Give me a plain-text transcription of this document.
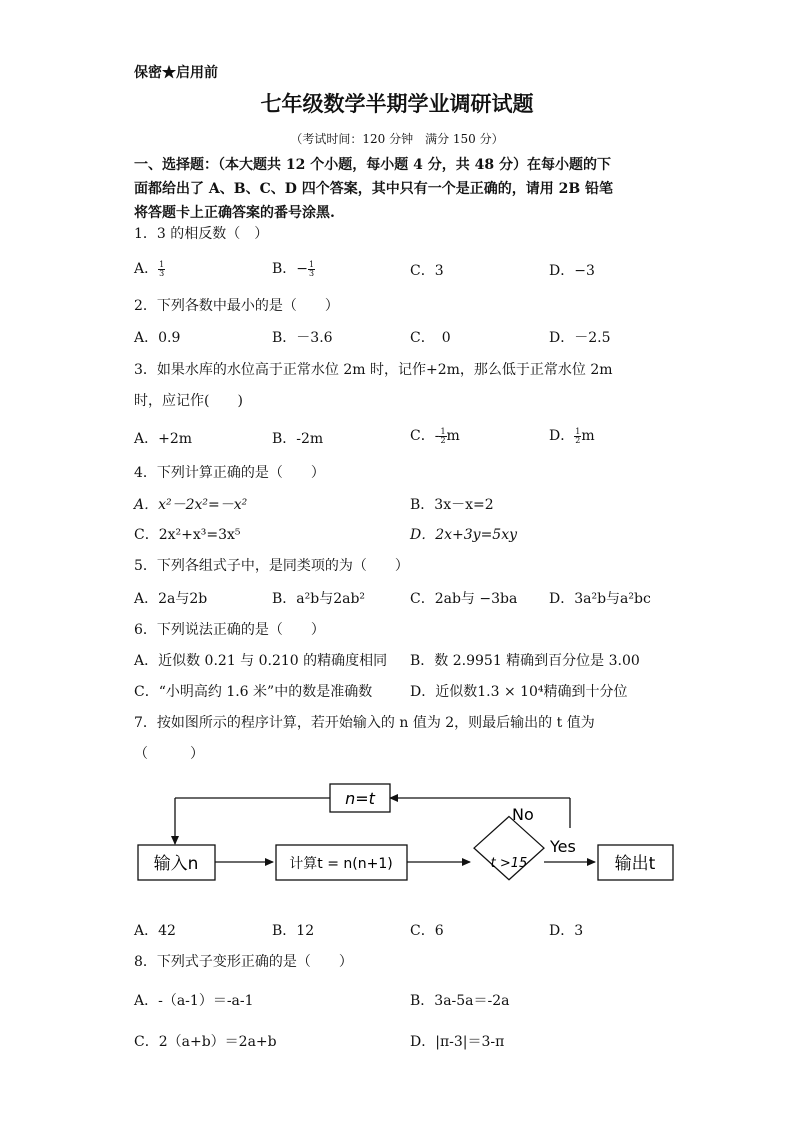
保密★启用前
七年级数学半期学业调研试题
（考试时间：120 分钟　满分 150 分）
一、选择题：（本大题共 12 个小题，每小题 4 分，共 48 分）在每小题的下
面都给出了 A、B、C、D 四个答案，其中只有一个是正确的，请用 2B 铅笔
将答题卡上正确答案的番号涂黑.
1．3 的相反数（　）
A． $\frac{1}{3}$	B．− $\frac{1}{3}$	C．3	D．−3
2．下列各数中最小的是（　　）
A．0.9	B．－3.6	C．　0	D．－2.5
3．如果水库的水位高于正常水位 2m 时，记作+2m，那么低于正常水位 2m
时，应记作(　　)
A．+2m	B．-2m	C．- $\frac{1}{2}$ m	D． $\frac{1}{2}$ m
4．下列计算正确的是（　　）
A．x²－2x²=－x²	B．3x－x=2
C．2x²+x³=3x⁵	D．2x+3y=5xy
5．下列各组式子中，是同类项的为（　　）
A．2a与2b	B．a²b与2ab²	C．2ab与 −3ba D．3a²b与a²bc
6．下列说法正确的是（　　）
A．近似数 0.21 与 0.210 的精确度相同 B．数 2.9951 精确到百分位是 3.00
C．“小明高约 1.6 米”中的数是准确数	D．近似数1.3 × 10⁴精确到十分位
7．按如图所示的程序计算，若开始输入的 n 值为 2，则最后输出的 t 值为
（　　　）
n=t
输入n	计算t = n(n+1)	t >15	输出t
Yes
No
A．42	B．12	C．6	D．3
8．下列式子变形正确的是（　　）
A．-（a-1）＝-a-1	B．3a-5a＝-2a
C．2（a+b）＝2a+b	D．|π-3|＝3-π
